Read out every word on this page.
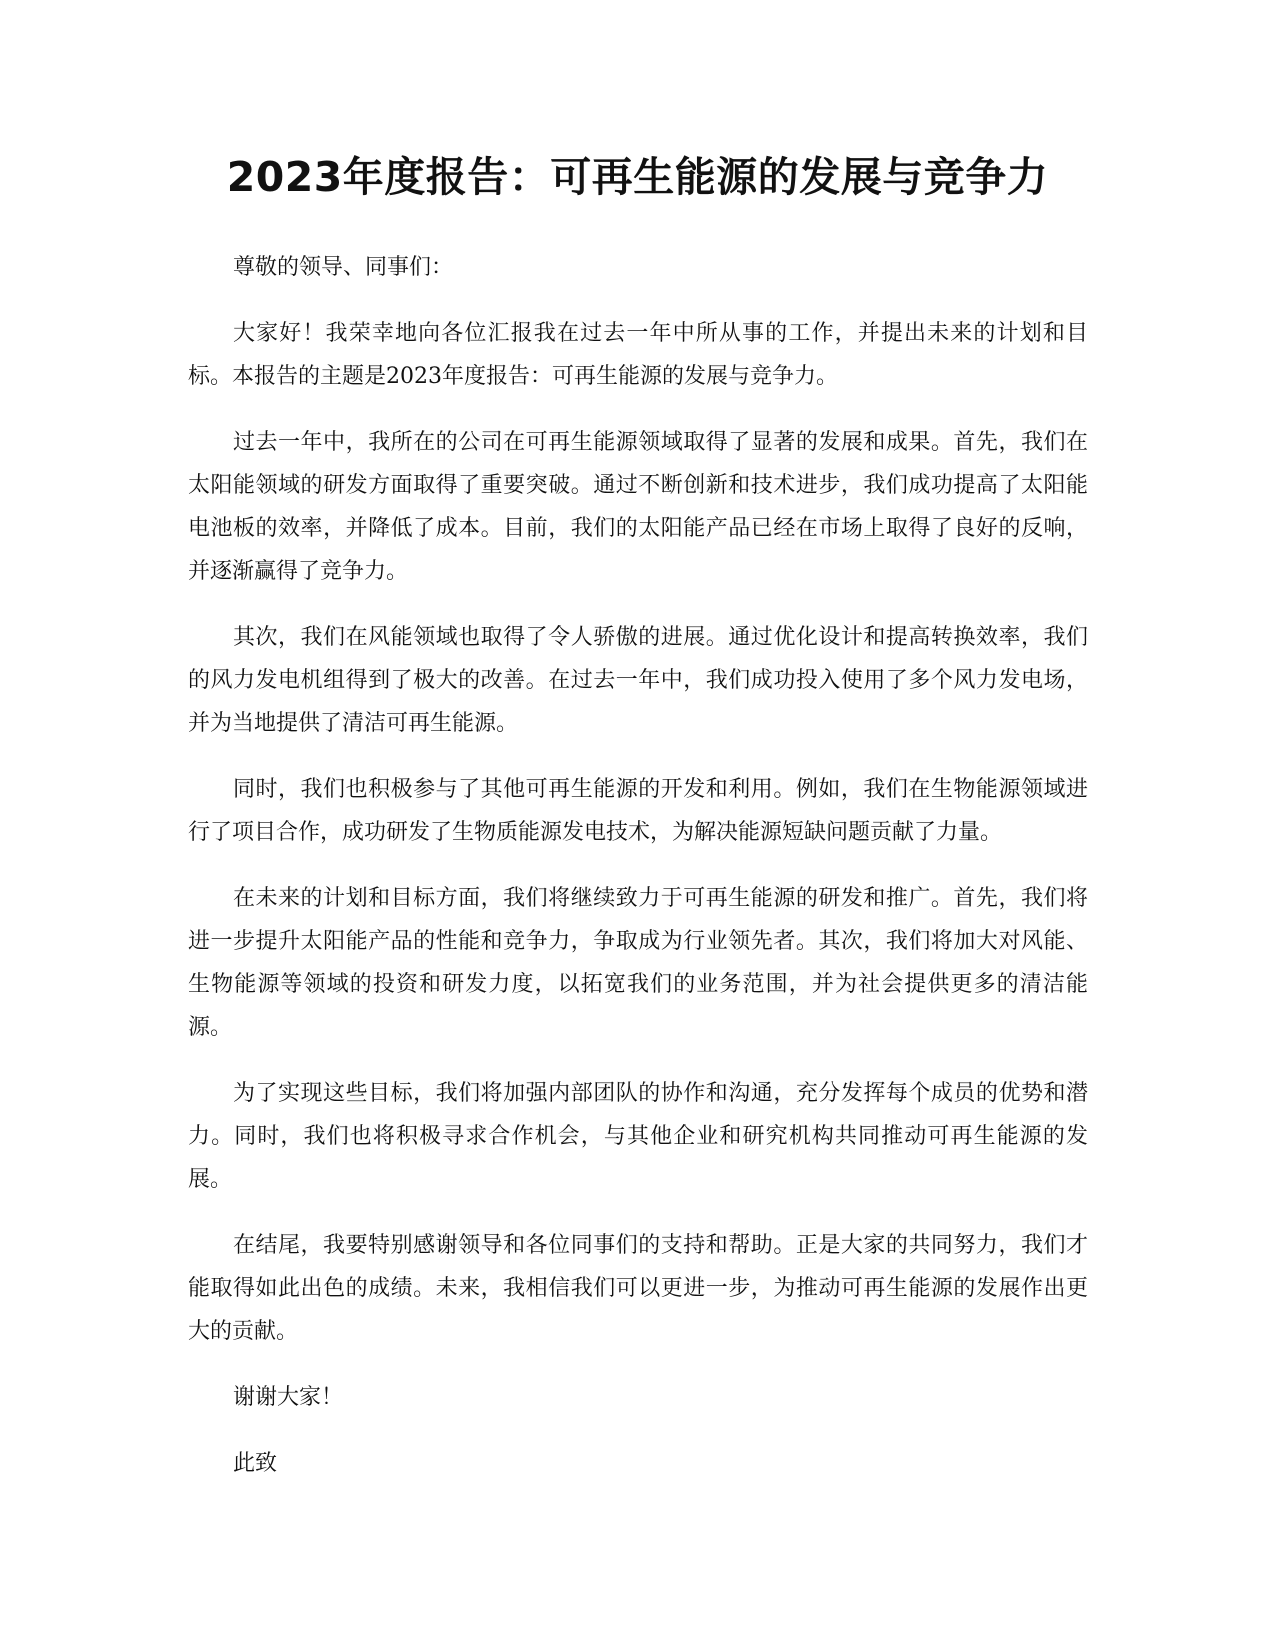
2023年度报告：可再生能源的发展与竞争力

尊敬的领导、同事们：

大家好！我荣幸地向各位汇报我在过去一年中所从事的工作，并提出未来的计划和目标。本报告的主题是2023年度报告：可再生能源的发展与竞争力。

过去一年中，我所在的公司在可再生能源领域取得了显著的发展和成果。首先，我们在太阳能领域的研发方面取得了重要突破。通过不断创新和技术进步，我们成功提高了太阳能电池板的效率，并降低了成本。目前，我们的太阳能产品已经在市场上取得了良好的反响，并逐渐赢得了竞争力。

其次，我们在风能领域也取得了令人骄傲的进展。通过优化设计和提高转换效率，我们的风力发电机组得到了极大的改善。在过去一年中，我们成功投入使用了多个风力发电场，并为当地提供了清洁可再生能源。

同时，我们也积极参与了其他可再生能源的开发和利用。例如，我们在生物能源领域进行了项目合作，成功研发了生物质能源发电技术，为解决能源短缺问题贡献了力量。

在未来的计划和目标方面，我们将继续致力于可再生能源的研发和推广。首先，我们将进一步提升太阳能产品的性能和竞争力，争取成为行业领先者。其次，我们将加大对风能、生物能源等领域的投资和研发力度，以拓宽我们的业务范围，并为社会提供更多的清洁能源。

为了实现这些目标，我们将加强内部团队的协作和沟通，充分发挥每个成员的优势和潜力。同时，我们也将积极寻求合作机会，与其他企业和研究机构共同推动可再生能源的发展。

在结尾，我要特别感谢领导和各位同事们的支持和帮助。正是大家的共同努力，我们才能取得如此出色的成绩。未来，我相信我们可以更进一步，为推动可再生能源的发展作出更大的贡献。

谢谢大家！

此致
